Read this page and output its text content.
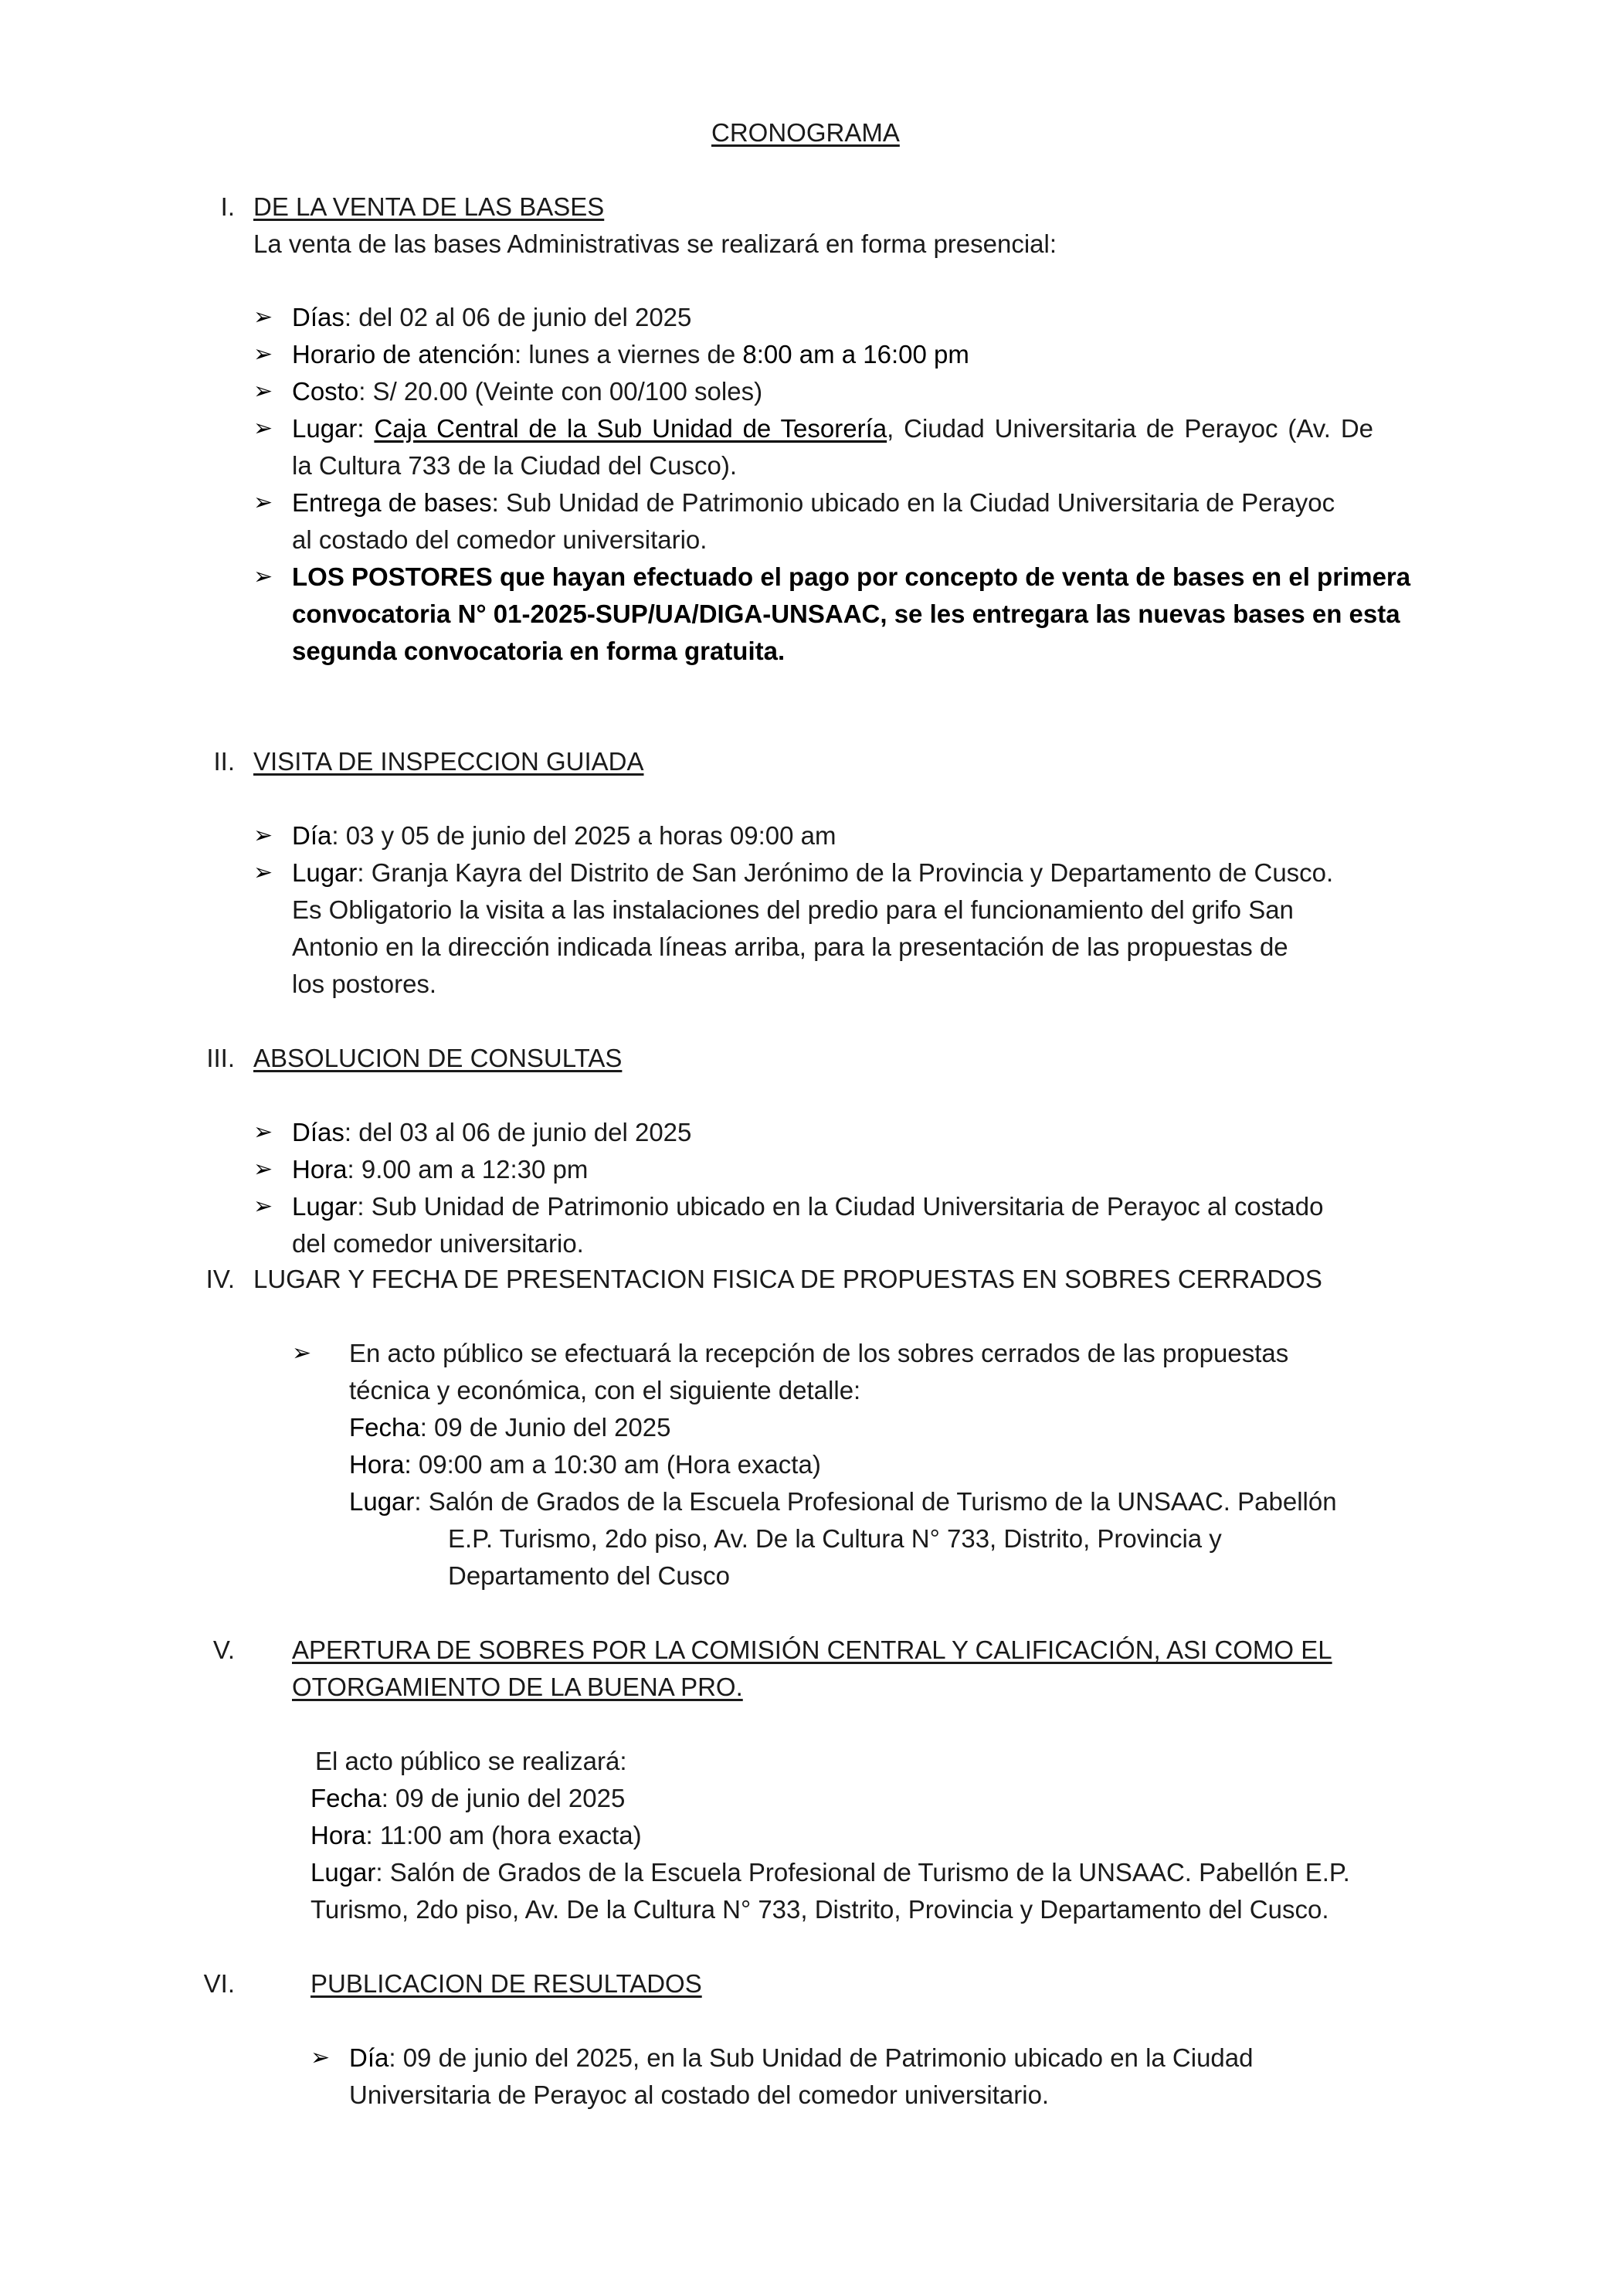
CRONOGRAMA
I. DE LA VENTA DE LAS BASES
La venta de las bases Administrativas se realizará en forma presencial:
➢ Días: del 02 al 06 de junio del 2025
➢ Horario de atención: lunes a viernes de 8:00 am a 16:00 pm
➢ Costo: S/ 20.00 (Veinte con 00/100 soles)
➢ Lugar: Caja Central de la Sub Unidad de Tesorería, Ciudad Universitaria de Perayoc (Av. De
la Cultura 733 de la Ciudad del Cusco).
➢ Entrega de bases: Sub Unidad de Patrimonio ubicado en la Ciudad Universitaria de Perayoc
al costado del comedor universitario.
➢ LOS POSTORES que hayan efectuado el pago por concepto de venta de bases en el primera
convocatoria N° 01-2025-SUP/UA/DIGA-UNSAAC, se les entregara las nuevas bases en esta
segunda convocatoria en forma gratuita.
II. VISITA DE INSPECCION GUIADA
➢ Día: 03 y 05 de junio del 2025 a horas 09:00 am
➢ Lugar: Granja Kayra del Distrito de San Jerónimo de la Provincia y Departamento de Cusco.
Es Obligatorio la visita a las instalaciones del predio para el funcionamiento del grifo San
Antonio en la dirección indicada líneas arriba, para la presentación de las propuestas de
los postores.
III. ABSOLUCION DE CONSULTAS
➢ Días: del 03 al 06 de junio del 2025
➢ Hora: 9.00 am a 12:30 pm
➢ Lugar: Sub Unidad de Patrimonio ubicado en la Ciudad Universitaria de Perayoc al costado
del comedor universitario.
IV. LUGAR Y FECHA DE PRESENTACION FISICA DE PROPUESTAS EN SOBRES CERRADOS
➢ En acto público se efectuará la recepción de los sobres cerrados de las propuestas
técnica y económica, con el siguiente detalle:
Fecha: 09 de Junio del 2025
Hora: 09:00 am a 10:30 am (Hora exacta)
Lugar: Salón de Grados de la Escuela Profesional de Turismo de la UNSAAC. Pabellón
E.P. Turismo, 2do piso, Av. De la Cultura N° 733, Distrito, Provincia y
Departamento del Cusco
V. APERTURA DE SOBRES POR LA COMISIÓN CENTRAL Y CALIFICACIÓN, ASI COMO EL
OTORGAMIENTO DE LA BUENA PRO.
El acto público se realizará:
Fecha: 09 de junio del 2025
Hora: 11:00 am (hora exacta)
Lugar: Salón de Grados de la Escuela Profesional de Turismo de la UNSAAC. Pabellón E.P.
Turismo, 2do piso, Av. De la Cultura N° 733, Distrito, Provincia y Departamento del Cusco.
VI.	PUBLICACION DE RESULTADOS
➢ Día: 09 de junio del 2025, en la Sub Unidad de Patrimonio ubicado en la Ciudad
Universitaria de Perayoc al costado del comedor universitario.
